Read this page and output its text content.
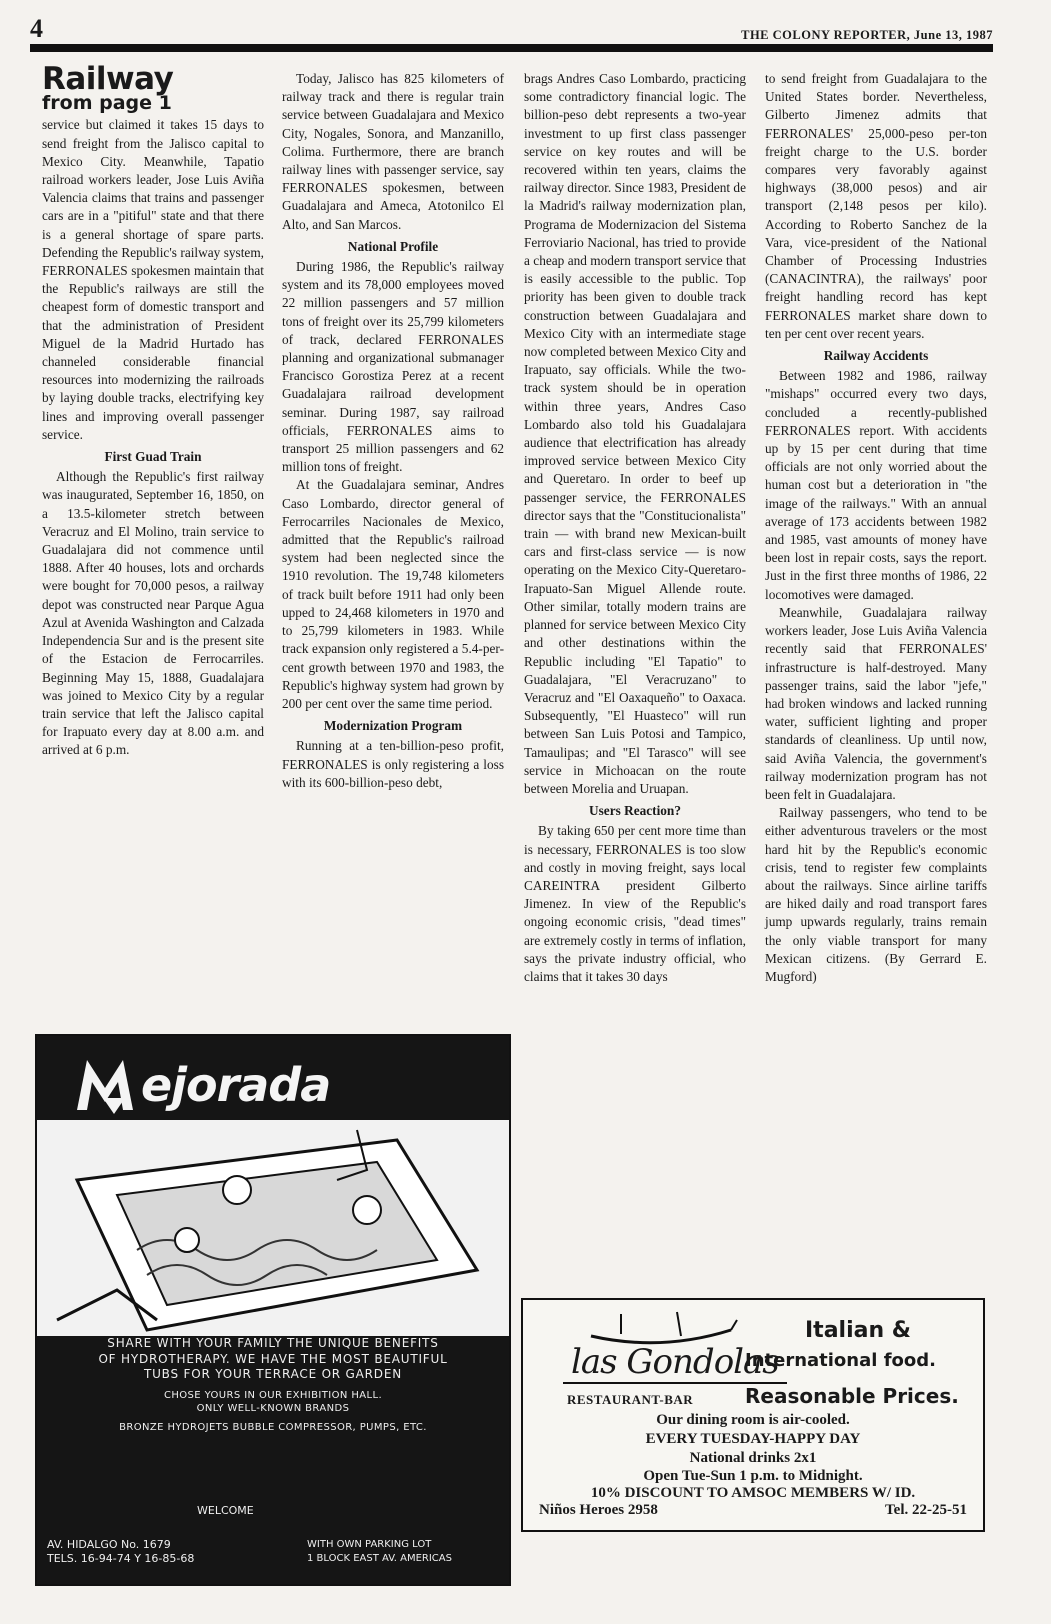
4	THE COLONY REPORTER, June 13, 1987
Railway
from page 1

service but claimed it takes 15 days to send freight from the Jalisco capital to Mexico City. Meanwhile, Tapatio railroad workers leader, Jose Luis Aviña Valencia claims that trains and passenger cars are in a "pitiful" state and that there is a general shortage of spare parts. Defending the Republic's railway system, FERRONALES spokesmen maintain that the Republic's railways are still the cheapest form of domestic transport and that the administration of President Miguel de la Madrid Hurtado has channeled considerable financial resources into modernizing the railroads by laying double tracks, electrifying key lines and improving overall passenger service.

First Guad Train

Although the Republic's first railway was inaugurated, September 16, 1850, on a 13.5-kilometer stretch between Veracruz and El Molino, train service to Guadalajara did not commence until 1888. After 40 houses, lots and orchards were bought for 70,000 pesos, a railway depot was constructed near Parque Agua Azul at Avenida Washington and Calzada Independencia Sur and is the present site of the Estacion de Ferrocarriles. Beginning May 15, 1888, Guadalajara was joined to Mexico City by a regular train service that left the Jalisco capital for Irapuato every day at 8.00 a.m. and arrived at 6 p.m.

Today, Jalisco has 825 kilometers of railway track and there is regular train service between Guadalajara and Mexico City, Nogales, Sonora, and Manzanillo, Colima. Furthermore, there are branch railway lines with passenger service, say FERRONALES spokesmen, between Guadalajara and Ameca, Atotonilco El Alto, and San Marcos.

National Profile

During 1986, the Republic's railway system and its 78,000 employees moved 22 million passengers and 57 million tons of freight over its 25,799 kilometers of track, declared FERRONALES planning and organizational submanager Francisco Gorostiza Perez at a recent Guadalajara railroad development seminar. During 1987, say railroad officials, FERRONALES aims to transport 25 million passengers and 62 million tons of freight.

At the Guadalajara seminar, Andres Caso Lombardo, director general of Ferrocarriles Nacionales de Mexico, admitted that the Republic's railroad system had been neglected since the 1910 revolution. The 19,748 kilometers of track built before 1911 had only been upped to 24,468 kilometers in 1970 and to 25,799 kilometers in 1983. While track expansion only registered a 5.4-per-cent growth between 1970 and 1983, the Republic's highway system had grown by 200 per cent over the same time period.

Modernization Program

Running at a ten-billion-peso profit, FERRONALES is only registering a loss with its 600-billion-peso debt,

brags Andres Caso Lombardo, practicing some contradictory financial logic. The billion-peso debt represents a two-year investment to up first class passenger service on key routes and will be recovered within ten years, claims the railway director. Since 1983, President de la Madrid's railway modernization plan, Programa de Modernizacion del Sistema Ferroviario Nacional, has tried to provide a cheap and modern transport service that is easily accessible to the public. Top priority has been given to double track construction between Guadalajara and Mexico City with an intermediate stage now completed between Mexico City and Irapuato, say officials. While the two-track system should be in operation within three years, Andres Caso Lombardo also told his Guadalajara audience that electrification has already improved service between Mexico City and Queretaro. In order to beef up passenger service, the FERRONALES director says that the "Constitucionalista" train — with brand new Mexican-built cars and first-class service — is now operating on the Mexico City-Queretaro-Irapuato-San Miguel Allende route. Other similar, totally modern trains are planned for service between Mexico City and other destinations within the Republic including "El Tapatio" to Guadalajara, "El Veracruzano" to Veracruz and "El Oaxaqueño" to Oaxaca. Subsequently, "El Huasteco" will run between San Luis Potosi and Tampico, Tamaulipas; and "El Tarasco" will see service in Michoacan on the route between Morelia and Uruapan.

Users Reaction?

By taking 650 per cent more time than is necessary, FERRONALES is too slow and costly in moving freight, says local CAREINTRA president Gilberto Jimenez. In view of the Republic's ongoing economic crisis, "dead times" are extremely costly in terms of inflation, says the private industry official, who claims that it takes 30 days

to send freight from Guadalajara to the United States border. Nevertheless, Gilberto Jimenez admits that FERRONALES' 25,000-peso per-ton freight charge to the U.S. border compares very favorably against highways (38,000 pesos) and air transport (2,148 pesos per kilo). According to Roberto Sanchez de la Vara, vice-president of the National Chamber of Processing Industries (CANACINTRA), the railways' poor freight handling record has kept FERRONALES market share down to ten per cent over recent years.

Railway Accidents

Between 1982 and 1986, railway "mishaps" occurred every two days, concluded a recently-published FERRONALES report. With accidents up by 15 per cent during that time officials are not only worried about the human cost but a deterioration in "the image of the railways." With an annual average of 173 accidents between 1982 and 1985, vast amounts of money have been lost in repair costs, says the report. Just in the first three months of 1986, 22 locomotives were damaged.

Meanwhile, Guadalajara railway workers leader, Jose Luis Aviña Valencia recently said that FERRONALES' infrastructure is half-destroyed. Many passenger trains, said the labor "jefe," had broken windows and lacked running water, sufficient lighting and proper standards of cleanliness. Up until now, said Aviña Valencia, the government's railway modernization program has not been felt in Guadalajara.

Railway passengers, who tend to be either adventurous travelers or the most hard hit by the Republic's economic crisis, tend to register few complaints about the railways. Since airline tariffs are hiked daily and road transport fares jump upwards regularly, trains remain the only viable transport for many Mexican citizens. (By Gerrard E. Mugford)

ejorada
SHARE WITH YOUR FAMILY THE UNIQUE BENEFITS
OF HYDROTHERAPY. WE HAVE THE MOST BEAUTIFUL
TUBS FOR YOUR TERRACE OR GARDEN
CHOSE YOURS IN OUR EXHIBITION HALL.
ONLY WELL-KNOWN BRANDS
BRONZE HYDROJETS BUBBLE COMPRESSOR, PUMPS, ETC.
WELCOME
AV. HIDALGO No. 1679
TELS. 16-94-74 Y 16-85-68
WITH OWN PARKING LOT
1 BLOCK EAST AV. AMERICAS
las Gondolas
Italian &
International food.
RESTAURANT-BAR	Reasonable Prices.
Our dining room is air-cooled.
EVERY TUESDAY-HAPPY DAY
National drinks 2x1
Open Tue-Sun 1 p.m. to Midnight.
10% DISCOUNT TO AMSOC MEMBERS W/ ID.
Niños Heroes 2958	Tel. 22-25-51
